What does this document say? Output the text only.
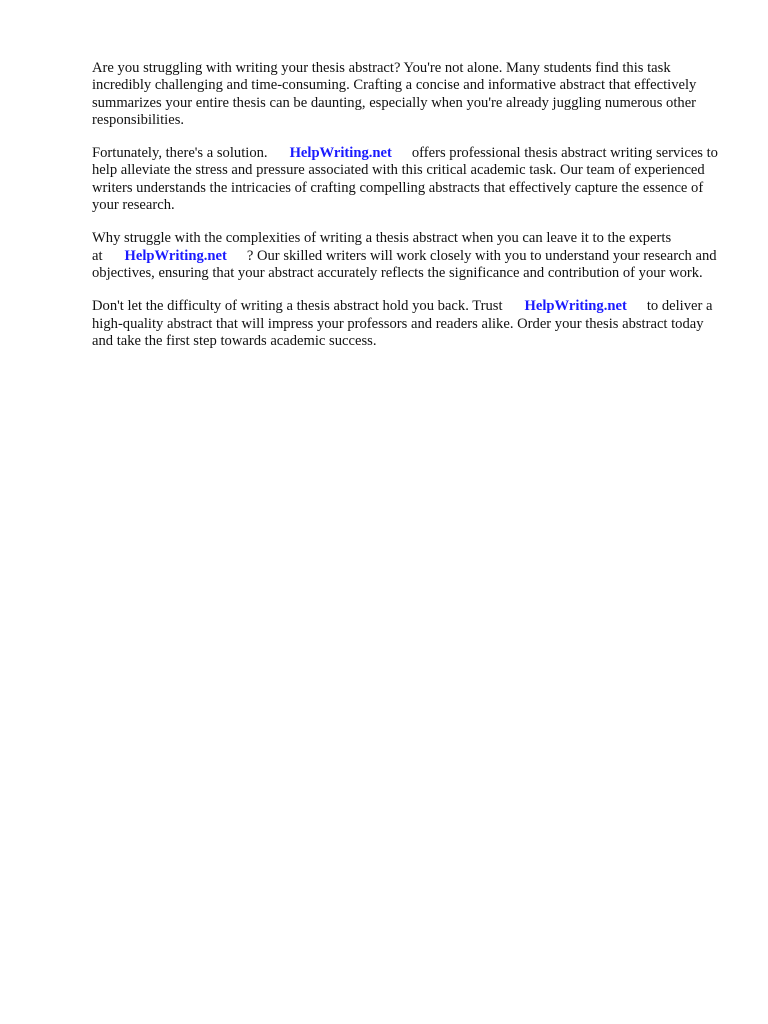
Are you struggling with writing your thesis abstract? You're not alone. Many students find this task incredibly challenging and time-consuming. Crafting a concise and informative abstract that effectively summarizes your entire thesis can be daunting, especially when you're already juggling numerous other responsibilities.

Fortunately, there's a solution. HelpWriting.net offers professional thesis abstract writing services to help alleviate the stress and pressure associated with this critical academic task. Our team of experienced writers understands the intricacies of crafting compelling abstracts that effectively capture the essence of your research.

Why struggle with the complexities of writing a thesis abstract when you can leave it to the experts at HelpWriting.net ? Our skilled writers will work closely with you to understand your research and objectives, ensuring that your abstract accurately reflects the significance and contribution of your work.

Don't let the difficulty of writing a thesis abstract hold you back. Trust HelpWriting.net to deliver a high-quality abstract that will impress your professors and readers alike. Order your thesis abstract today and take the first step towards academic success.
